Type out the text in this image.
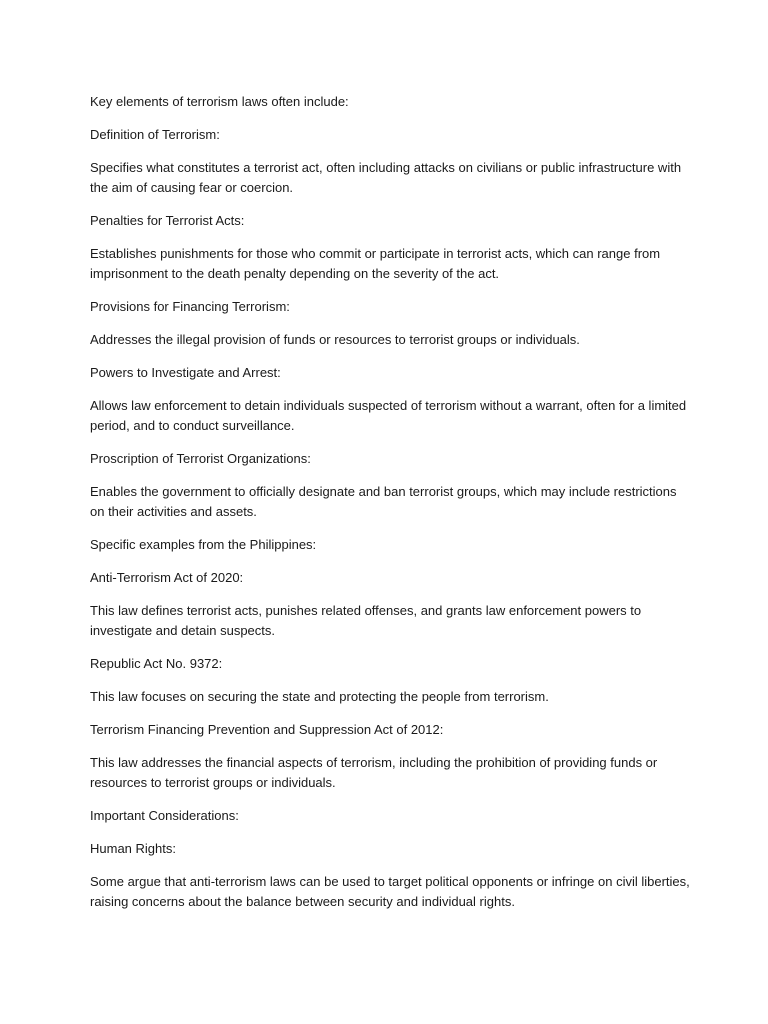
Key elements of terrorism laws often include:

Definition of Terrorism:

Specifies what constitutes a terrorist act, often including attacks on civilians or public infrastructure with the aim of causing fear or coercion.

Penalties for Terrorist Acts:

Establishes punishments for those who commit or participate in terrorist acts, which can range from imprisonment to the death penalty depending on the severity of the act.

Provisions for Financing Terrorism:

Addresses the illegal provision of funds or resources to terrorist groups or individuals.

Powers to Investigate and Arrest:

Allows law enforcement to detain individuals suspected of terrorism without a warrant, often for a limited period, and to conduct surveillance.

Proscription of Terrorist Organizations:

Enables the government to officially designate and ban terrorist groups, which may include restrictions on their activities and assets.

Specific examples from the Philippines:

Anti-Terrorism Act of 2020:

This law defines terrorist acts, punishes related offenses, and grants law enforcement powers to investigate and detain suspects.

Republic Act No. 9372:

This law focuses on securing the state and protecting the people from terrorism.

Terrorism Financing Prevention and Suppression Act of 2012:

This law addresses the financial aspects of terrorism, including the prohibition of providing funds or resources to terrorist groups or individuals.

Important Considerations:

Human Rights:

Some argue that anti-terrorism laws can be used to target political opponents or infringe on civil liberties, raising concerns about the balance between security and individual rights.
